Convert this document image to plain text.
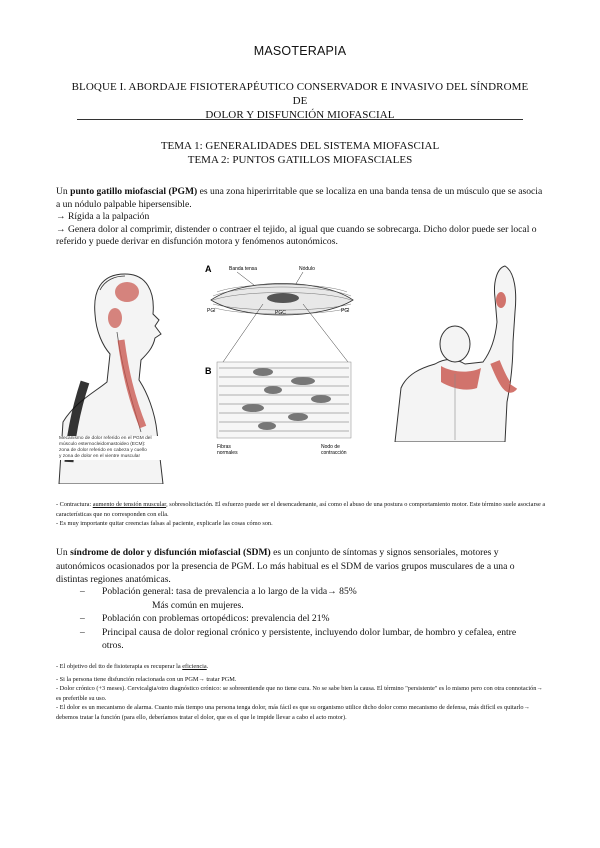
MASOTERAPIA
BLOQUE I. ABORDAJE FISIOTERAPÉUTICO CONSERVADOR E INVASIVO DEL SÍNDROME DE
DOLOR Y DISFUNCIÓN MIOFASCIAL
TEMA 1: GENERALIDADES DEL SISTEMA MIOFASCIAL
TEMA 2: PUNTOS GATILLOS MIOFASCIALES
Un punto gatillo miofascial (PGM) es una zona hiperirritable que se localiza en una banda tensa de un músculo que se asocia a un nódulo palpable hipersensible.
→ Rígida a la palpación
→ Genera dolor al comprimir, distender o contraer el tejido, al igual que cuando se sobrecarga. Dicho dolor puede ser local o referido y puede derivar en disfunción motora y fenómenos autonómicos.
Mecanismo de dolor referido en el PGM del
músculo esternocleidomastoideo (ECM):
zona de dolor referido en cabeza y cuello
y zona de dolor en el vientre muscular
A	Banda tensa	Nódulo
PGl	PGC	PGl
B
Fibras
normales
Nodo de
contracción
- Contractura: aumento de tensión muscular, sobresolicitación. El esfuerzo puede ser el desencadenante, así como el abuso de una postura o comportamiento motor. Este término suele asociarse a características que no corresponden con ella.
- Es muy importante quitar creencias falsas al paciente, explicarle las cosas cómo son.
Un síndrome de dolor y disfunción miofascial (SDM) es un conjunto de síntomas y signos sensoriales, motores y autonómicos ocasionados por la presencia de PGM. Lo más habitual es el SDM de varios grupos musculares de a una o distintas regiones anatómicas.
–	Población general: tasa de prevalencia a lo largo de la vida→ 85%
Más común en mujeres.
–	Población con problemas ortopédicos: prevalencia del 21%
–	Principal causa de dolor regional crónico y persistente, incluyendo dolor lumbar, de hombro y cefalea, entre otros.
- El objetivo del tto de fisioterapia es recuperar la eficiencia.
- Si la persona tiene disfunción relacionada con un PGM→ tratar PGM.
- Dolor crónico (+3 meses). Cervicalgia/otro diagnóstico crónico: se sobreentiende que no tiene cura. No se sabe bien la causa. El término "persistente" es lo mismo pero con otra connotación→ es preferible su uso.
- El dolor es un mecanismo de alarma. Cuanto más tiempo una persona tenga dolor, más fácil es que su organismo utilice dicho dolor como mecanismo de defensa, más difícil es quitarlo→ debemos tratar la función (para ello, deberíamos tratar el dolor, que es el que le impide llevar a cabo el acto motor).
